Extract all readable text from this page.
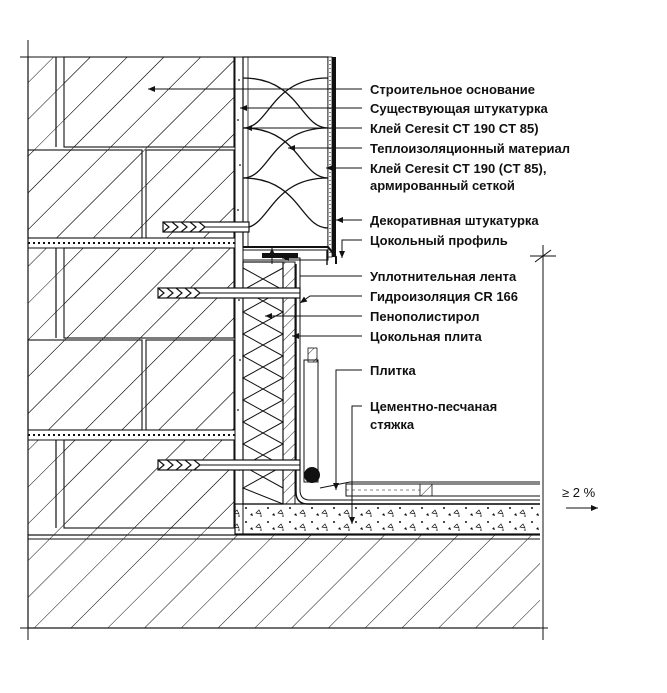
Строительное основание
Существующая штукатурка
Клей Ceresit CT 190 CT 85)
Теплоизоляционный материал
Клей Ceresit CT 190 (CT 85),
армированный сеткой
Декоративная штукатурка
Цокольный профиль
Уплотнительная лента
Гидроизоляция CR 166
Пенополистирол
Цокольная плита
Плитка
Цементно-песчаная
стяжка
≥ 2 %
